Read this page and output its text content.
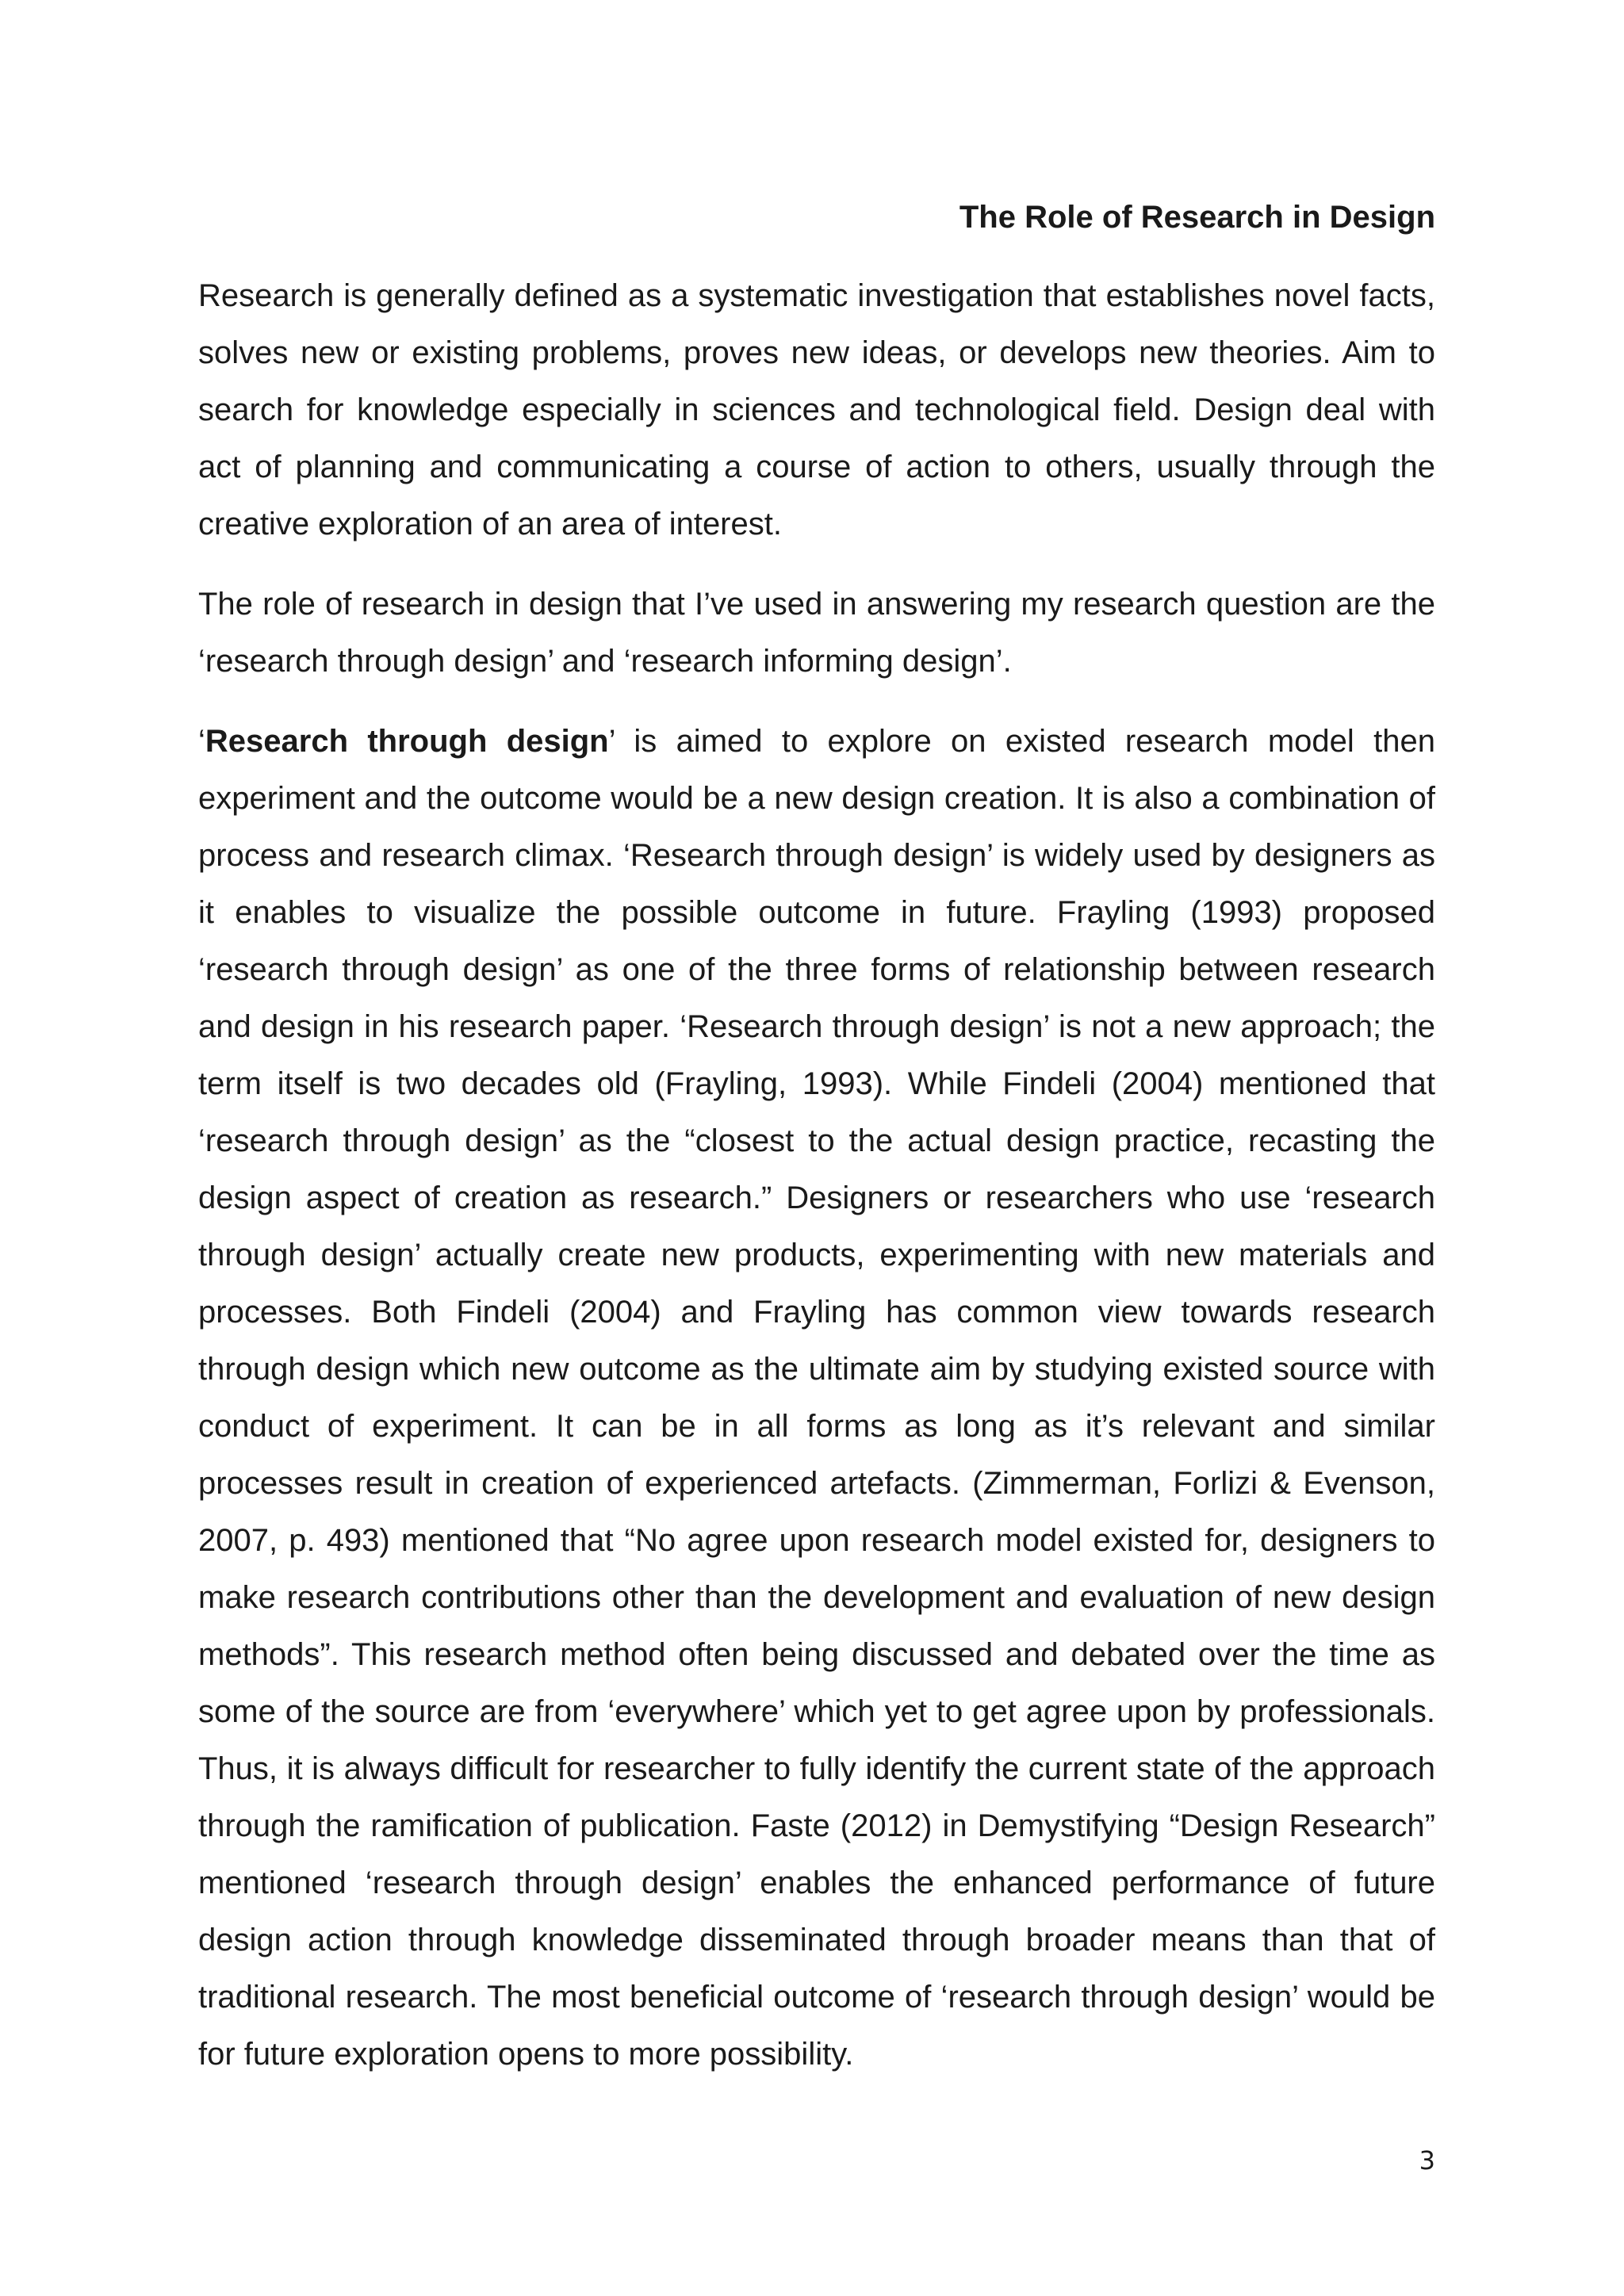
The Role of Research in Design

Research is generally defined as a systematic investigation that establishes novel facts, solves new or existing problems, proves new ideas, or develops new theories. Aim to search for knowledge especially in sciences and technological field. Design deal with act of planning and communicating a course of action to others, usually through the creative exploration of an area of interest.

The role of research in design that I’ve used in answering my research question are the ‘research through design’ and ‘research informing design’.

‘Research through design’ is aimed to explore on existed research model then experiment and the outcome would be a new design creation. It is also a combination of process and research climax. ‘Research through design’ is widely used by designers as it enables to visualize the possible outcome in future. Frayling (1993) proposed ‘research through design’ as one of the three forms of relationship between research and design in his research paper. ‘Research through design’ is not a new approach; the term itself is two decades old (Frayling, 1993). While Findeli (2004) mentioned that ‘research through design’ as the “closest to the actual design practice, recasting the design aspect of creation as research.” Designers or researchers who use ‘research through design’ actually create new products, experimenting with new materials and processes. Both Findeli (2004) and Frayling has common view towards research through design which new outcome as the ultimate aim by studying existed source with conduct of experiment. It can be in all forms as long as it’s relevant and similar processes result in creation of experienced artefacts. (Zimmerman, Forlizi & Evenson, 2007, p. 493) mentioned that “No agree upon research model existed for, designers to make research contributions other than the development and evaluation of new design methods”. This research method often being discussed and debated over the time as some of the source are from ‘everywhere’ which yet to get agree upon by professionals. Thus, it is always difficult for researcher to fully identify the current state of the approach through the ramification of publication. Faste (2012) in Demystifying “Design Research” mentioned ‘research through design’ enables the enhanced performance of future design action through knowledge disseminated through broader means than that of traditional research. The most beneficial outcome of ‘research through design’ would be for future exploration opens to more possibility.

3
